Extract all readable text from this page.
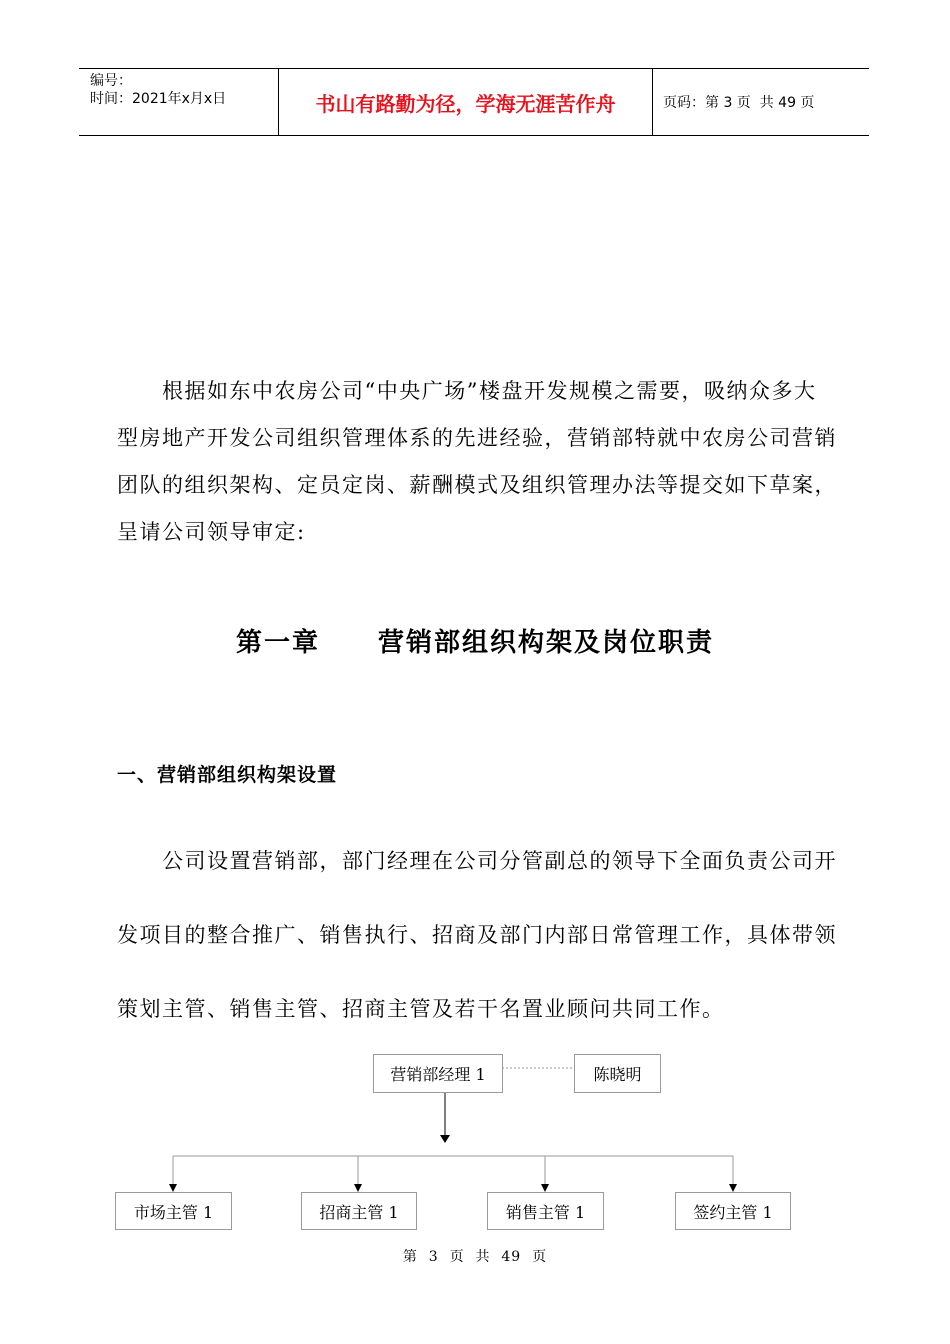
编号：
时间：2021年x月x日	书山有路勤为径，学海无涯苦作舟	页码：第 3 页  共 49 页

根据如东中农房公司“中央广场”楼盘开发规模之需要，吸纳众多大型房地产开发公司组织管理体系的先进经验，营销部特就中农房公司营销团队的组织架构、定员定岗、薪酬模式及组织管理办法等提交如下草案，呈请公司领导审定:

第一章 营销部组织构架及岗位职责
一、营销部组织构架设置

公司设置营销部，部门经理在公司分管副总的领导下全面负责公司开发项目的整合推广、销售执行、招商及部门内部日常管理工作，具体带领策划主管、销售主管、招商主管及若干名置业顾问共同工作。

营销部经理 1	陈晓明
市场主管 1	招商主管 1	销售主管 1	签约主管 1
第  3  页  共  49  页
